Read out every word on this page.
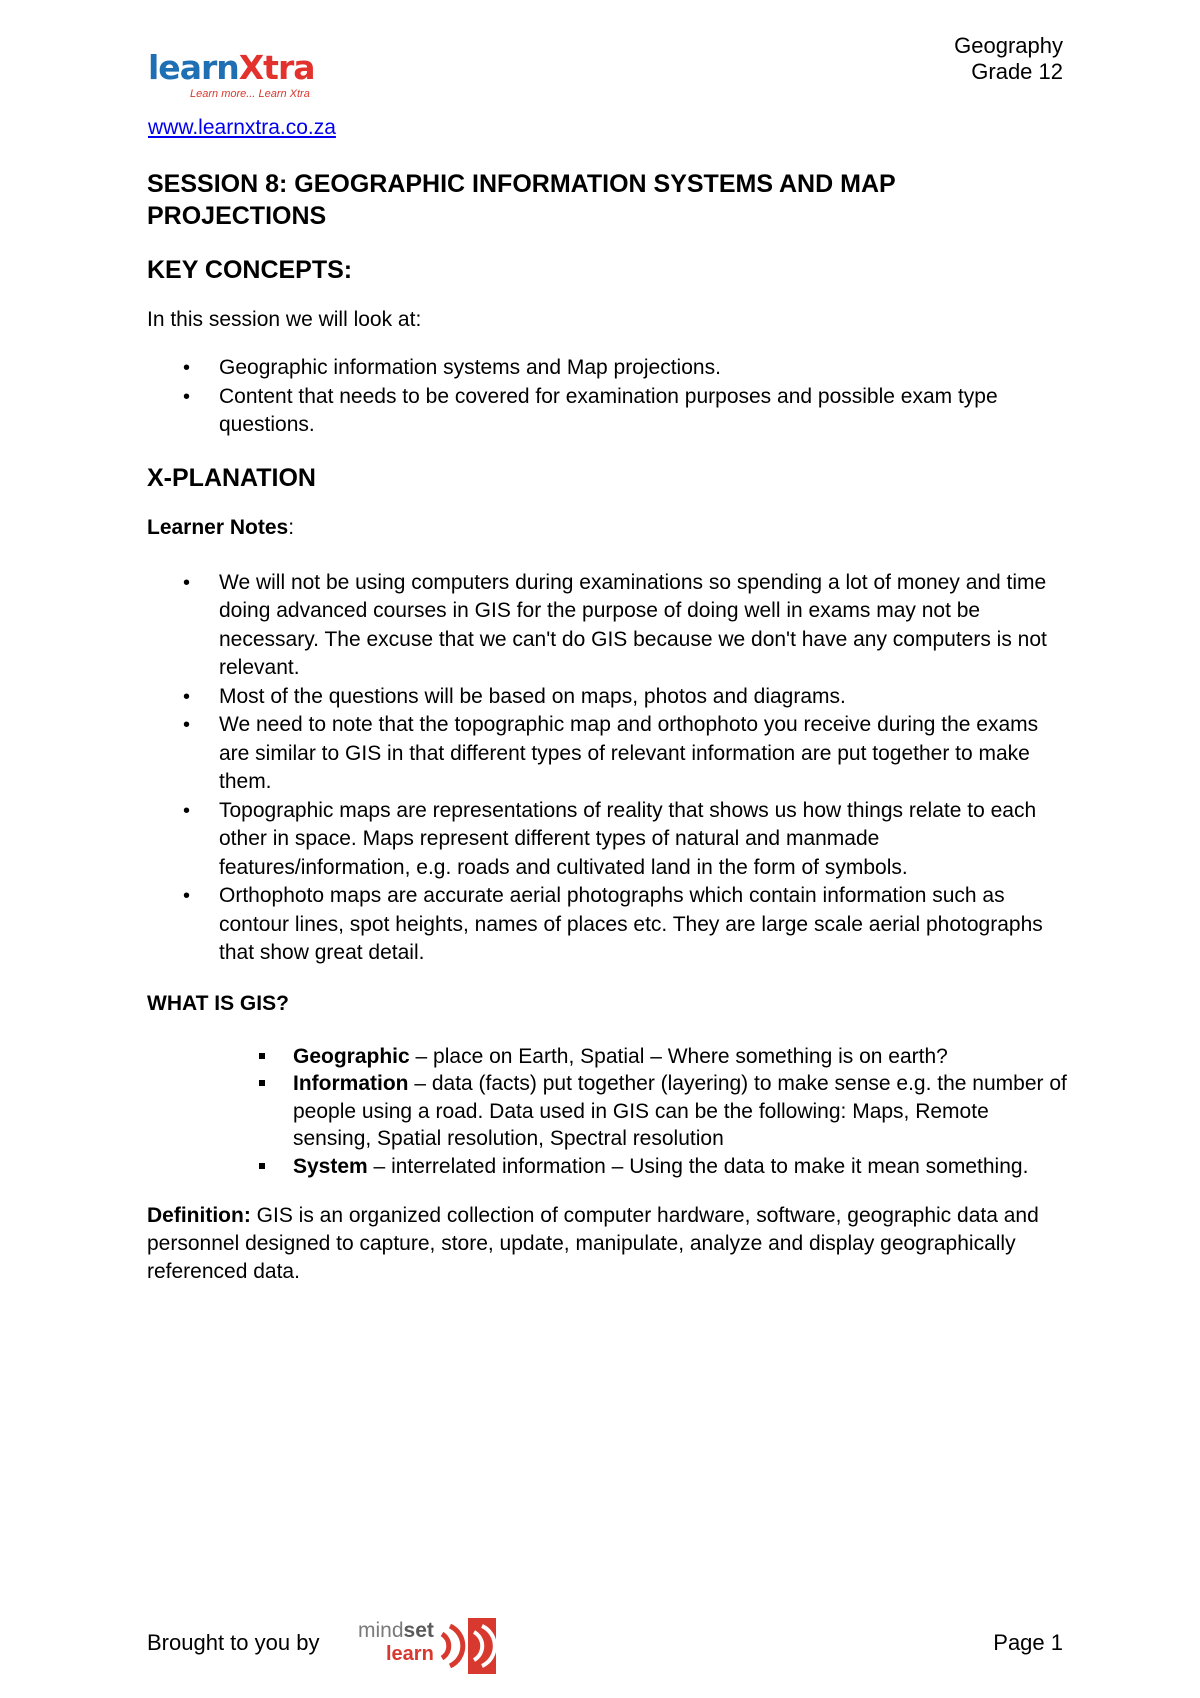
learnXtra
Learn more... Learn Xtra
Geography
Grade 12
www.learnxtra.co.za
SESSION 8: GEOGRAPHIC INFORMATION SYSTEMS AND MAP PROJECTIONS
KEY CONCEPTS:

In this session we will look at:

• Geographic information systems and Map projections.
• Content that needs to be covered for examination purposes and possible exam type questions.
X-PLANATION

Learner Notes:

• We will not be using computers during examinations so spending a lot of money and time doing advanced courses in GIS for the purpose of doing well in exams may not be necessary. The excuse that we can't do GIS because we don't have any computers is not relevant.
• Most of the questions will be based on maps, photos and diagrams.
• We need to note that the topographic map and orthophoto you receive during the exams are similar to GIS in that different types of relevant information are put together to make them.
• Topographic maps are representations of reality that shows us how things relate to each other in space. Maps represent different types of natural and manmade features/information, e.g. roads and cultivated land in the form of symbols.
• Orthophoto maps are accurate aerial photographs which contain information such as contour lines, spot heights, names of places etc. They are large scale aerial photographs that show great detail.

WHAT IS GIS?

Geographic – place on Earth, Spatial – Where something is on earth?
Information – data (facts) put together (layering) to make sense e.g. the number of people using a road. Data used in GIS can be the following: Maps, Remote sensing, Spatial resolution, Spectral resolution
System – interrelated information – Using the data to make it mean something.

Definition: GIS is an organized collection of computer hardware, software, geographic data and personnel designed to capture, store, update, manipulate, analyze and display geographically referenced data.

Brought to you by mindset
learn	Page 1
